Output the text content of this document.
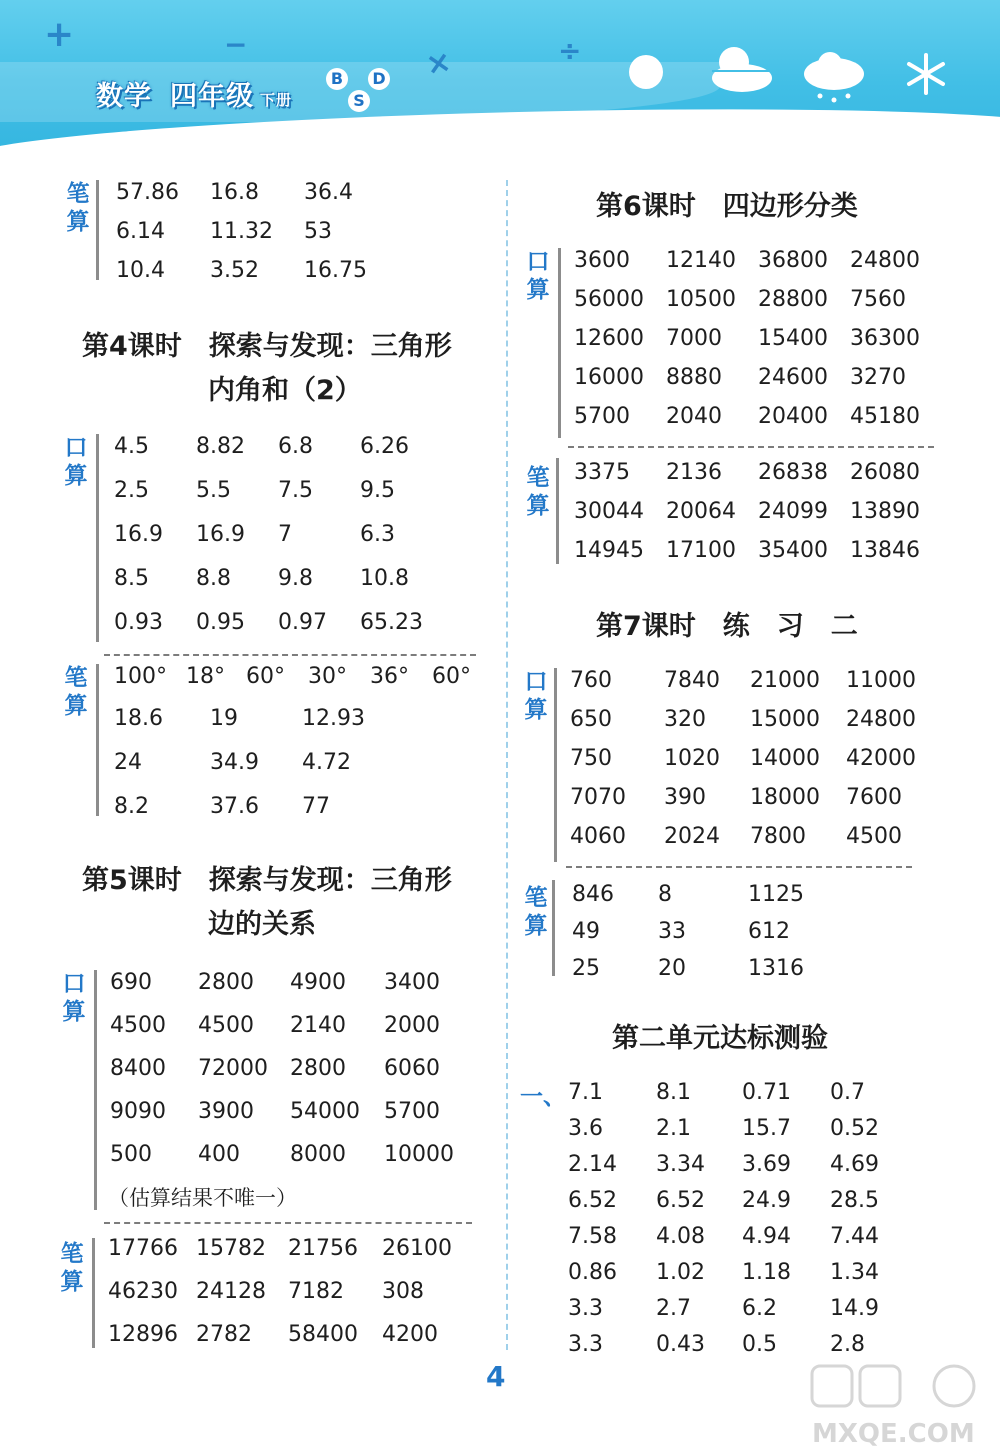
+	−	×	÷
数学 四年级 下册
B
S
D
笔
算
57.86 16.8 36.4
6.14 11.32 53
10.4 3.52 16.75
第4课时　探索与发现：三角形
内角和（2）
口
算
4.5 8.82 6.8 6.26
2.5 5.5 7.5 9.5
16.9 16.9 7	6.3
8.5 8.8 9.8 10.8
0.93 0.95 0.97 65.23
笔
算
100° 18° 60° 30° 36° 60°
18.6 19	12.93
24	34.9 4.72
8.2	37.6 77
第5课时　探索与发现：三角形
边的关系
口
算
690 2800 4900 3400
4500 4500 2140 2000
8400 72000 2800 6060
9090 3900 54000 5700
500 400 8000 10000
（估算结果不唯一）
笔
算
17766 15782 21756 26100
46230 24128 7182 308
12896 2782 58400 4200
第6课时　四边形分类
口
算
3600 12140 36800 24800
56000 10500 28800 7560
12600 7000 15400 36300
16000 8880 24600 3270
5700 2040 20400 45180
笔
算
3375 2136 26838 26080
30044 20064 24099 13890
14945 17100 35400 13846
第7课时　练　习　二
口
算
760 7840 21000 11000
650 320 15000 24800
750 1020 14000 42000
7070 390 18000 7600
4060 2024 7800 4500
笔
算
846 8	1125
49	33	612
25	20	1316
第二单元达标测验
一、 7.1 8.1 0.71 0.7
3.6 2.1 15.7 0.52
2.14 3.34 3.69 4.69
6.52 6.52 24.9 28.5
7.58 4.08 4.94 7.44
0.86 1.02 1.18 1.34
3.3 2.7 6.2 14.9
3.3 0.43 0.5 2.8
4
MXQE.COM
